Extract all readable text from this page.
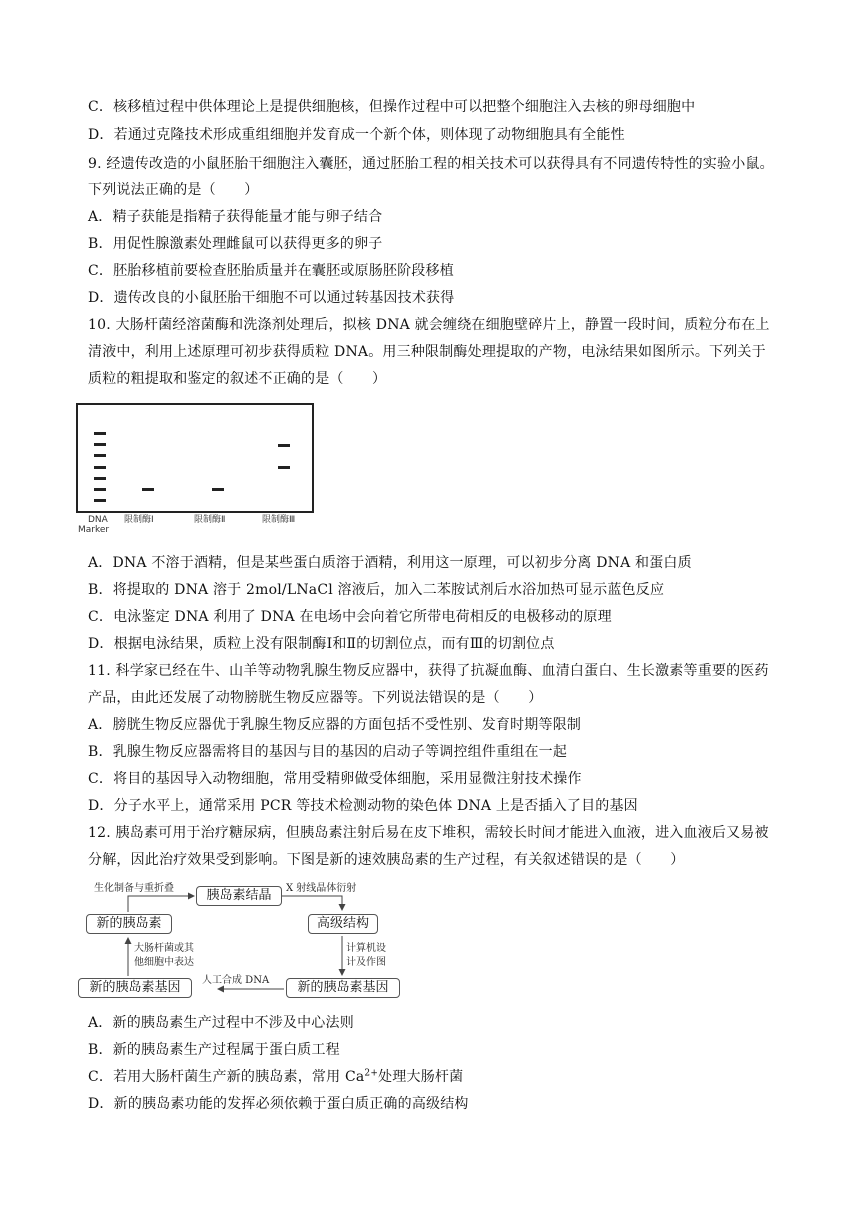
C．核移植过程中供体理论上是提供细胞核，但操作过程中可以把整个细胞注入去核的卵母细胞中
D．若通过克隆技术形成重组细胞并发育成一个新个体，则体现了动物细胞具有全能性
9. 经遗传改造的小鼠胚胎干细胞注入囊胚，通过胚胎工程的相关技术可以获得具有不同遗传特性的实验小鼠。
下列说法正确的是（　　）
A．精子获能是指精子获得能量才能与卵子结合
B．用促性腺激素处理雌鼠可以获得更多的卵子
C．胚胎移植前要检查胚胎质量并在囊胚或原肠胚阶段移植
D．遗传改良的小鼠胚胎干细胞不可以通过转基因技术获得
10. 大肠杆菌经溶菌酶和洗涤剂处理后，拟核 DNA 就会缠绕在细胞壁碎片上，静置一段时间，质粒分布在上
清液中，利用上述原理可初步获得质粒 DNA。用三种限制酶处理提取的产物，电泳结果如图所示。下列关于
质粒的粗提取和鉴定的叙述不正确的是（　　）
DNA
Marker
限制酶Ⅰ	限制酶Ⅱ	限制酶Ⅲ
A．DNA 不溶于酒精，但是某些蛋白质溶于酒精，利用这一原理，可以初步分离 DNA 和蛋白质
B．将提取的 DNA 溶于 2mol/LNaCl 溶液后，加入二苯胺试剂后水浴加热可显示蓝色反应
C．电泳鉴定 DNA 利用了 DNA 在电场中会向着它所带电荷相反的电极移动的原理
D．根据电泳结果，质粒上没有限制酶Ⅰ和Ⅱ的切割位点，而有Ⅲ的切割位点
11. 科学家已经在牛、山羊等动物乳腺生物反应器中，获得了抗凝血酶、血清白蛋白、生长激素等重要的医药
产品，由此还发展了动物膀胱生物反应器等。下列说法错误的是（　　）
A．膀胱生物反应器优于乳腺生物反应器的方面包括不受性别、发育时期等限制
B．乳腺生物反应器需将目的基因与目的基因的启动子等调控组件重组在一起
C．将目的基因导入动物细胞，常用受精卵做受体细胞，采用显微注射技术操作
D．分子水平上，通常采用 PCR 等技术检测动物的染色体 DNA 上是否插入了目的基因
12. 胰岛素可用于治疗糖尿病，但胰岛素注射后易在皮下堆积，需较长时间才能进入血液，进入血液后又易被
分解，因此治疗效果受到影响。下图是新的速效胰岛素的生产过程，有关叙述错误的是（　　）
胰岛素结晶
新的胰岛素	高级结构
新的胰岛素基因	新的胰岛素基因
生化制备与重折叠	X 射线晶体衍射
计算机设
计及作图
大肠杆菌或其
他细胞中表达
人工合成 DNA
A．新的胰岛素生产过程中不涉及中心法则
B．新的胰岛素生产过程属于蛋白质工程
C．若用大肠杆菌生产新的胰岛素，常用 $Ca^{2+}$处理大肠杆菌
D．新的胰岛素功能的发挥必须依赖于蛋白质正确的高级结构
